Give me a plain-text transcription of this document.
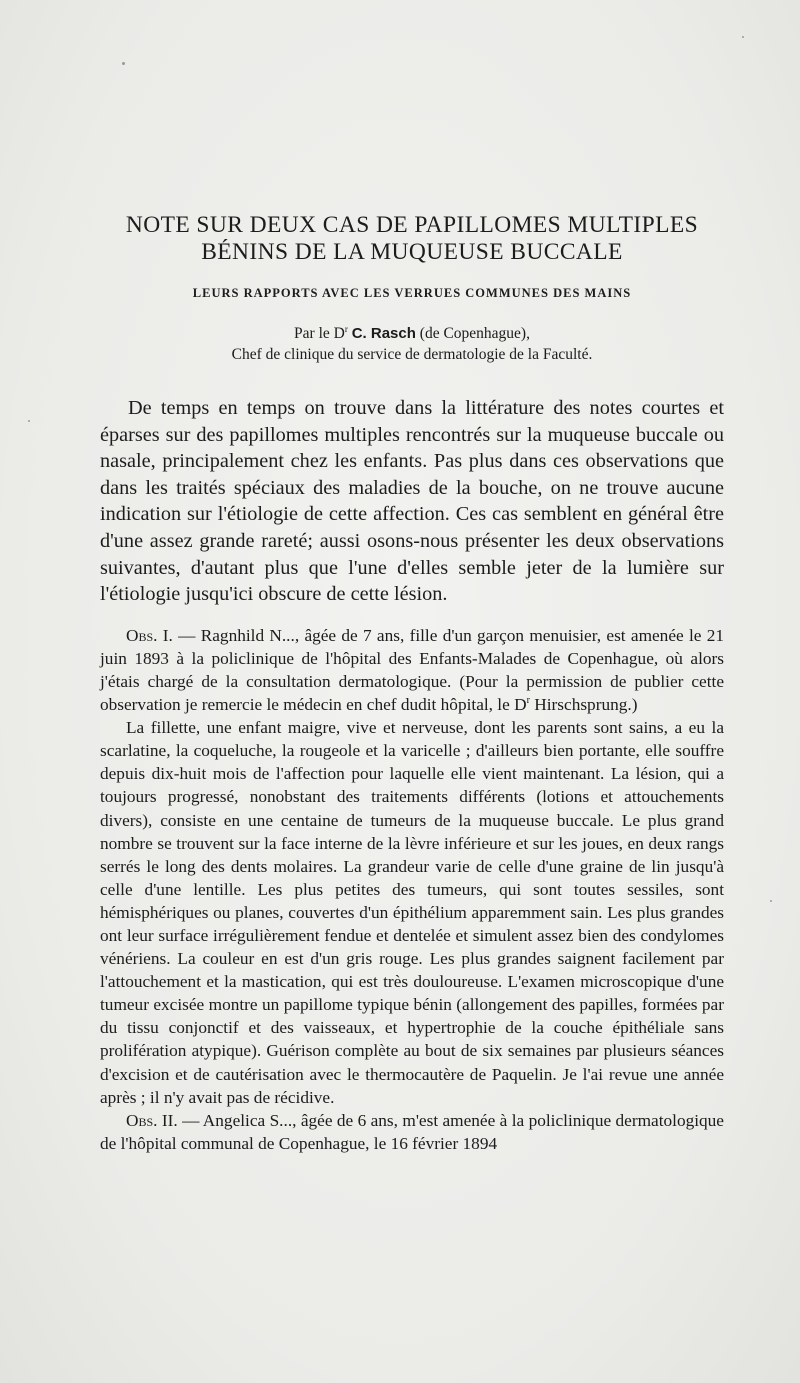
NOTE SUR DEUX CAS DE PAPILLOMES MULTIPLES
BÉNINS DE LA MUQUEUSE BUCCALE
LEURS RAPPORTS AVEC LES VERRUES COMMUNES DES MAINS
Par le $D^r$ C. Rasch (de Copenhague),
Chef de clinique du service de dermatologie de la Faculté.

De temps en temps on trouve dans la littérature des notes courtes et éparses sur des papillomes multiples rencontrés sur la muqueuse buccale ou nasale, principalement chez les enfants. Pas plus dans ces observations que dans les traités spéciaux des maladies de la bouche, on ne trouve aucune indication sur l'étiologie de cette affection. Ces cas semblent en général être d'une assez grande rareté; aussi osons-nous présenter les deux observations suivantes, d'autant plus que l'une d'elles semble jeter de la lumière sur l'étiologie jusqu'ici obscure de cette lésion.

Obs. I. — Ragnhild N..., âgée de 7 ans, fille d'un garçon menuisier, est amenée le 21 juin 1893 à la policlinique de l'hôpital des Enfants-Malades de Copenhague, où alors j'étais chargé de la consultation dermatologique. (Pour la permission de publier cette observation je remercie le médecin en chef dudit hôpital, le $D^r$ Hirschsprung.)

La fillette, une enfant maigre, vive et nerveuse, dont les parents sont sains, a eu la scarlatine, la coqueluche, la rougeole et la varicelle ; d'ailleurs bien portante, elle souffre depuis dix-huit mois de l'affection pour laquelle elle vient maintenant. La lésion, qui a toujours progressé, nonobstant des traitements différents (lotions et attouchements divers), consiste en une centaine de tumeurs de la muqueuse buccale. Le plus grand nombre se trouvent sur la face interne de la lèvre inférieure et sur les joues, en deux rangs serrés le long des dents molaires. La grandeur varie de celle d'une graine de lin jusqu'à celle d'une lentille. Les plus petites des tumeurs, qui sont toutes sessiles, sont hémisphériques ou planes, couvertes d'un épithélium apparemment sain. Les plus grandes ont leur surface irrégulièrement fendue et dentelée et simulent assez bien des condylomes vénériens. La couleur en est d'un gris rouge. Les plus grandes saignent facilement par l'attouchement et la mastication, qui est très douloureuse. L'examen microscopique d'une tumeur excisée montre un papillome typique bénin (allongement des papilles, formées par du tissu conjonctif et des vaisseaux, et hypertrophie de la couche épithéliale sans prolifération atypique). Guérison complète au bout de six semaines par plusieurs séances d'excision et de cautérisation avec le thermocautère de Paquelin. Je l'ai revue une année après ; il n'y avait pas de récidive.

Obs. II. — Angelica S..., âgée de 6 ans, m'est amenée à la policlinique dermatologique de l'hôpital communal de Copenhague, le 16 février 1894
